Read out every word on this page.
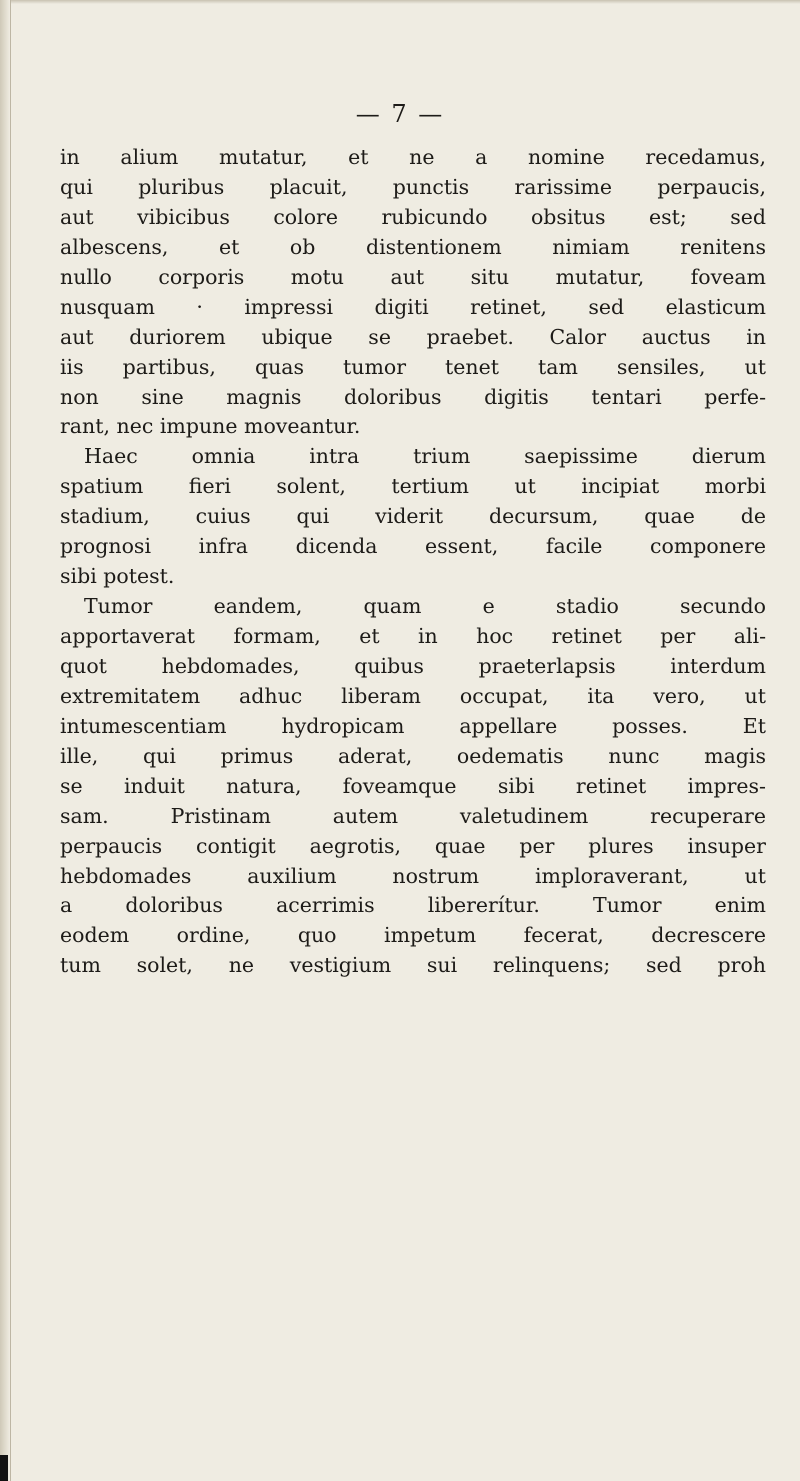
— 7 —
in alium mutatur, et ne a nomine recedamus,
qui pluribus placuit, punctis rarissime perpaucis,
aut vibicibus colore rubicundo obsitus est; sed
albescens, et ob distentionem nimiam renitens
nullo corporis motu aut situ mutatur, foveam
nusquam · impressi digiti retinet, sed elasticum
aut duriorem ubique se praebet. Calor auctus in
iis partibus, quas tumor tenet tam sensiles, ut
non sine magnis doloribus digitis tentari perfe-
rant, nec impune moveantur.
Haec omnia intra trium saepissime dierum
spatium fieri solent, tertium ut incipiat morbi
stadium, cuius qui viderit decursum, quae de
prognosi infra dicenda essent, facile componere
sibi potest.
Tumor eandem, quam e stadio secundo
apportaverat formam, et in hoc retinet per ali-
quot hebdomades, quibus praeterlapsis interdum
extremitatem adhuc liberam occupat, ita vero, ut
intumescentiam hydropicam appellare posses. Et
ille, qui primus aderat, oedematis nunc magis
se induit natura, foveamque sibi retinet impres-
sam. Pristinam autem valetudinem recuperare
perpaucis contigit aegrotis, quae per plures insuper
hebdomades auxilium nostrum imploraverant, ut
a doloribus acerrimis libererítur. Tumor enim
eodem ordine, quo impetum fecerat, decrescere
tum solet, ne vestigium sui relinquens; sed proh
